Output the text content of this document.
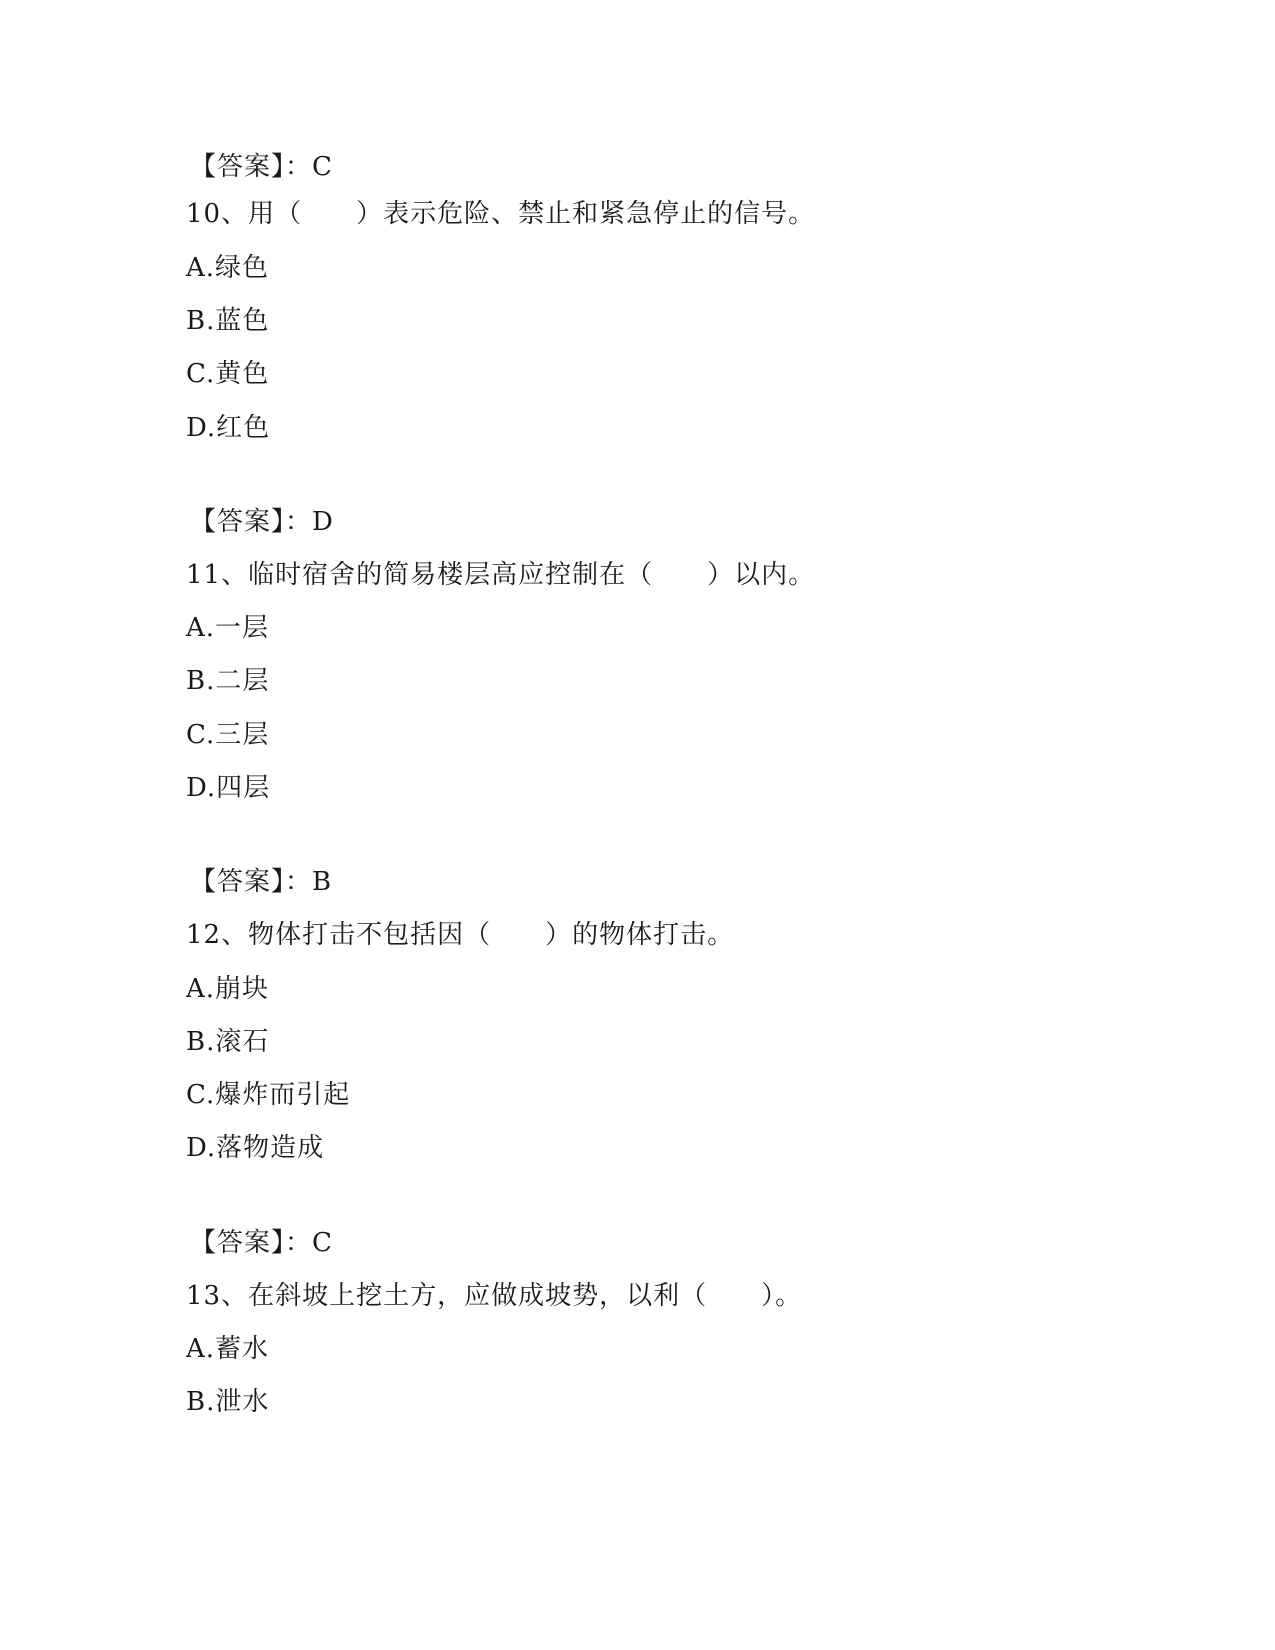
【答案】：C
10、用（　　）表示危险、禁止和紧急停止的信号。
A.绿色
B.蓝色
C.黄色
D.红色
【答案】：D
11、临时宿舍的简易楼层高应控制在（　　）以内。
A.一层
B.二层
C.三层
D.四层
【答案】：B
12、物体打击不包括因（　　）的物体打击。
A.崩块
B.滚石
C.爆炸而引起
D.落物造成
【答案】：C
13、在斜坡上挖土方，应做成坡势，以利（　　）。
A.蓄水
B.泄水
